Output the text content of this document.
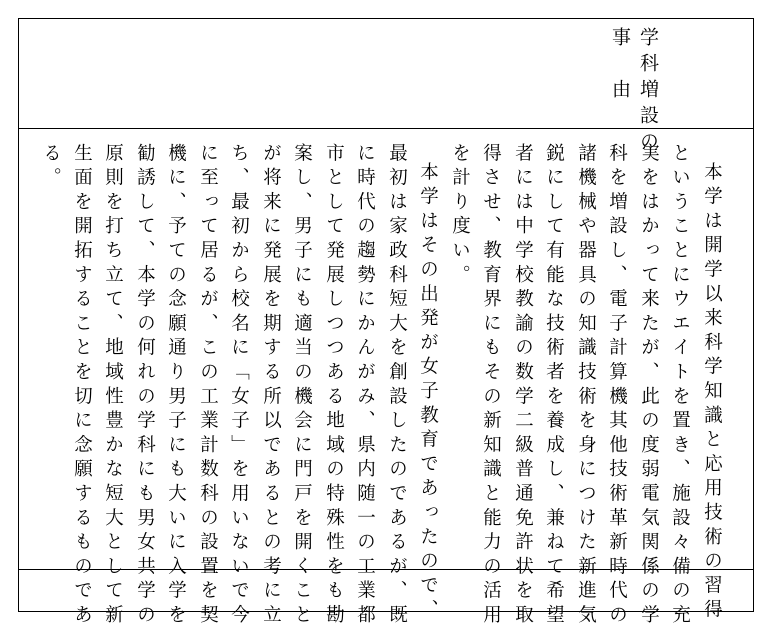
学科増設の
事　由
本学は開学以来科学知識と応用技術の習得
ということにウエイトを置き、施設々備の充
実をはかって来たが、此の度弱電気関係の学
科を増設し、電子計算機其他技術革新時代の
諸機械や器具の知識技術を身につけた新進気
鋭にして有能な技術者を養成し、兼ねて希望
者には中学校教諭の数学二級普通免許状を取
得させ、教育界にもその新知識と能力の活用
を計り度い。
本学はその出発が女子教育であったので、
最初は家政科短大を創設したのであるが、既
に時代の趨勢にかんがみ、県内随一の工業都
市として発展しつつある地域の特殊性をも勘
案し、男子にも適当の機会に門戸を開くこと
が将来に発展を期する所以であるとの考に立
ち、最初から校名に「女子」を用いないで今
に至って居るが、この工業計数科の設置を契
機に、予ての念願通り男子にも大いに入学を
勧誘して、本学の何れの学科にも男女共学の
原則を打ち立て、地域性豊かな短大として新
生面を開拓することを切に念願するものであ
る。
